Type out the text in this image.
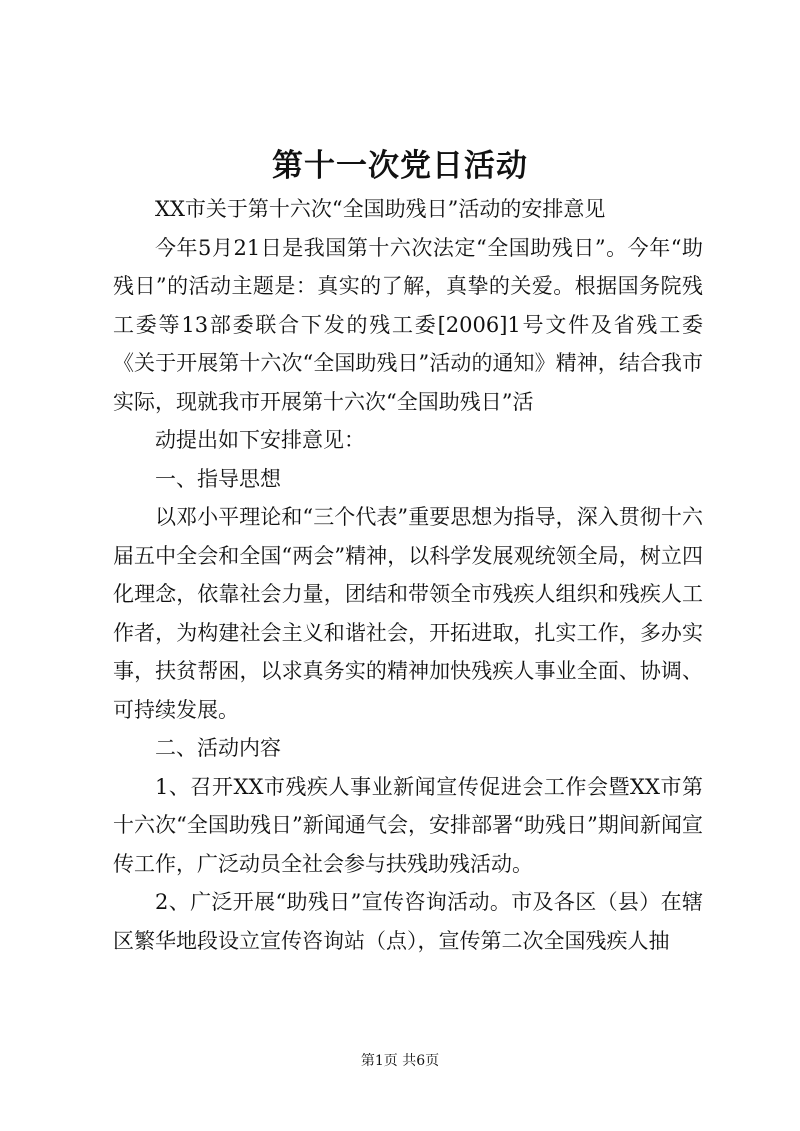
第十一次党日活动

XX市关于第十六次“全国助残日”活动的安排意见

今年5月21日是我国第十六次法定“全国助残日”。今年“助残日”的活动主题是：真实的了解，真挚的关爱。根据国务院残工委等13部委联合下发的残工委[2006]1号文件及省残工委《关于开展第十六次“全国助残日”活动的通知》精神，结合我市实际，现就我市开展第十六次“全国助残日”活

动提出如下安排意见：

一、指导思想

以邓小平理论和“三个代表”重要思想为指导，深入贯彻十六届五中全会和全国“两会”精神，以科学发展观统领全局，树立四化理念，依靠社会力量，团结和带领全市残疾人组织和残疾人工作者，为构建社会主义和谐社会，开拓进取，扎实工作，多办实事，扶贫帮困，以求真务实的精神加快残疾人事业全面、协调、可持续发展。

二、活动内容

1、召开XX市残疾人事业新闻宣传促进会工作会暨XX市第十六次“全国助残日”新闻通气会，安排部署“助残日”期间新闻宣传工作，广泛动员全社会参与扶残助残活动。

2、广泛开展“助残日”宣传咨询活动。市及各区（县）在辖区繁华地段设立宣传咨询站（点），宣传第二次全国残疾人抽

第1页 共6页
